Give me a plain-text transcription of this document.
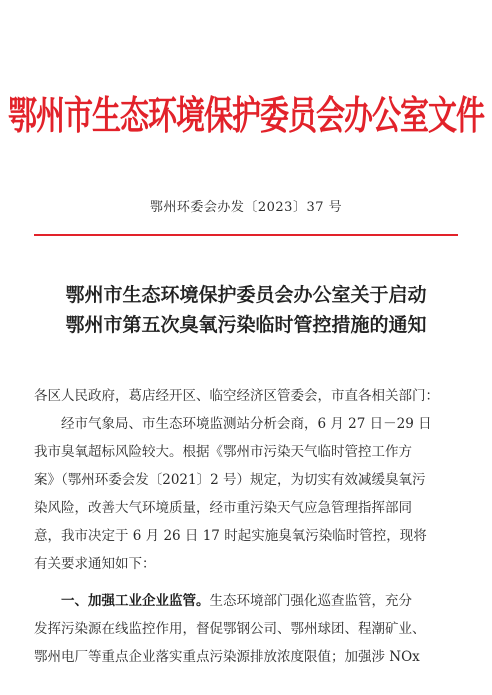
鄂州市生态环境保护委员会办公室文件
鄂州环委会办发〔2023〕37 号
鄂州市生态环境保护委员会办公室关于启动
鄂州市第五次臭氧污染临时管控措施的通知
各区人民政府，葛店经开区、临空经济区管委会，市直各相关部门：
经市气象局、市生态环境监测站分析会商，6 月 27 日－29 日
我市臭氧超标风险较大。根据《鄂州市污染天气临时管控工作方
案》（鄂州环委会发〔2021〕2 号）规定，为切实有效减缓臭氧污
染风险，改善大气环境质量，经市重污染天气应急管理指挥部同
意，我市决定于 6 月 26 日 17 时起实施臭氧污染临时管控，现将
有关要求通知如下：
一、加强工业企业监管。生态环境部门强化巡查监管，充分
发挥污染源在线监控作用，督促鄂钢公司、鄂州球团、程潮矿业、
鄂州电厂等重点企业落实重点污染源排放浓度限值；加强涉 NOx
